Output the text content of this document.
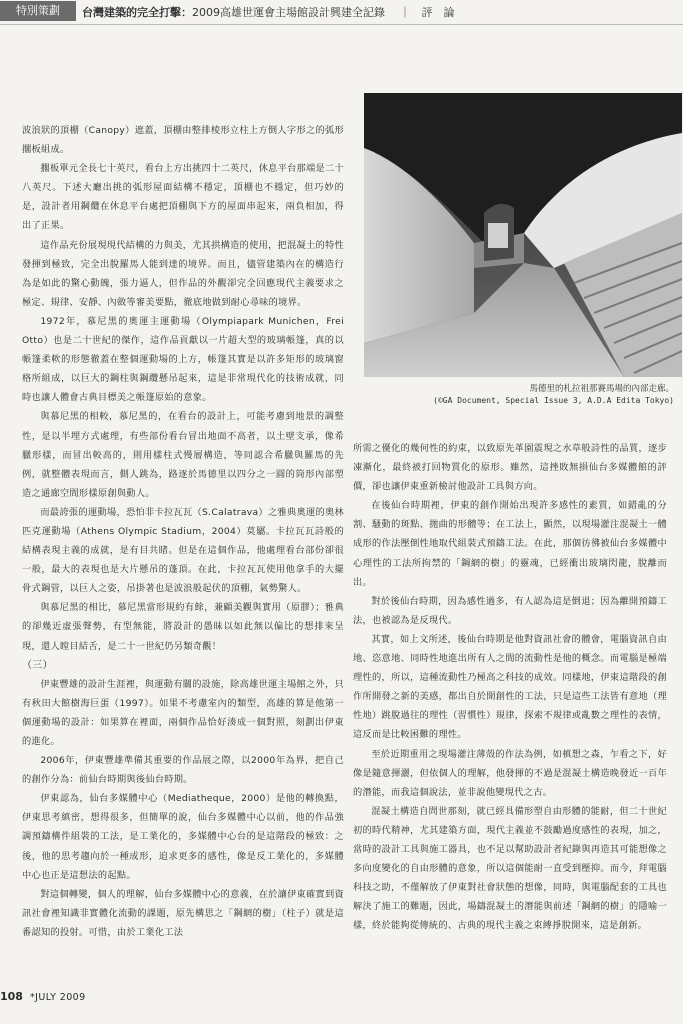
特別策劃	台灣建築的完全打擊：2009高雄世運會主場館設計興建全記錄 　｜　評　論
馬德里的札拉祖那賽馬場的內部走廊。
(©GA Document, Special Issue 3, A.D.A Edita Tokyo)

波浪狀的頂棚（Canopy）遮蓋，頂棚由整排棱形立柱上方倒人字形之的弧形擱板組成。

擱板單元全長七十英尺，看台上方出挑四十二英尺，休息平台那端是二十八英尺。下述大廳出挑的弧形屋面結構不穩定，頂棚也不穩定，但巧妙的是，設計者用鋼纜在休息平台處把頂棚與下方的屋面串起來，兩負相加，得出了正果。

這作品充份展現現代結構的力與美，尤其拱構造的使用，把混凝土的特性發揮到極致，完全出脫羅馬人能到達的境界。而且，儘管建築內在的構造行為是如此的驚心動魄，張力逼人，但作品的外觀卻完全回應現代主義要求之極定、規律、安靜、內斂等審美要點，徹底地做到耐心尋味的境界。

1972年，慕尼黑的奧運主運動場（Olympiapark Munichen，Frei Otto）也是二十世紀的傑作，這作品貢獻以一片超大型的玻璃帳篷，真的以帳篷柔軟的形態徹蓋在整個運動場的上方，帳篷其實是以許多矩形的玻璃窗格所組成，以巨大的鋼柱與鋼纜懸吊起來，這是非常現代化的技術成就，同時也讓人體會古典目標美之帳篷原始的意象。

與慕尼黑的相較，慕尼黑的，在看台的設計上，可能考慮到地景的調整性，是以半埋方式處理，有些部份看台冒出地面不高者，以土壁支承，像希臘形樣，而冒出較高的，則用樣柱式慢層構造，等同認合希臘與羅馬的先例，就整體表現而言，側人跳為，路逐於馬德里以四分之一圓的筒形內部塑造之通廊空間形樣原創與動人。

而最誇張的運動場，恐怕非卡拉瓦瓦（S.Calatrava）之雅典奧運的奧林匹克運動場（Athens Olympic Stadium，2004）莫屬。卡拉瓦瓦詩般的結構表現主義的成就，是有目共睹。但是在這個作品，他處理看台部份卻很一般，最大的表現也是大片懸吊的蓬頂。在此，卡拉瓦瓦使用他拿手的大擺骨式鋼管，以巨人之姿，吊掛著也是波浪般起伏的頂棚，氣勢驚人。

與慕尼黑的相比，慕尼黑當形規約有餘，兼顧美觀與實用（原膠）；雅典的卻幾近虛張聲勢，有型無能，將設計的愚昧以如此無以偏比的想排來呈現，還人瞠目結舌，是二十一世紀仍另類奇觀！

（三）

伊東豐雄的設計生涯裡，與運動有關的設施，除高雄世運主場館之外，只有秋田大館樹海巨蛋（1997）。如果不考慮室內的類型，高雄的算是他第一個運動場的設計：如果算在裡面，兩個作品恰好湊成一個對照，刻劃出伊東的進化。

2006年，伊東豐雄準備其重要的作品展之際，以2000年為界，把自己的創作分為：前仙台時期與後仙台時期。

伊東認為，仙台多媒體中心（Mediatheque，2000）是他的轉換點，伊東思考縝密，想得很多，但簡單的說，仙台多媒體中心以前，他的作品強調預鑄構件組裝的工法，是工業化的，多媒體中心台的是這階段的極致：之後，他的思考趨向於一種成形，追求更多的感性，像是反工業化的，多媒體中心也正是這想法的起點。

對這個轉變，個人的理解，仙台多媒體中心的意義，在於讓伊東確實到資訊社會裡知識非實體化流動的課題，原先構思之「鋼網的樹」（柱子）就是這番認知的投射。可惜，由於工業化工法

所需之優化的幾何性的約束，以致原先革園震現之水草般詩性的品質，逐步凍漸化，最終被打回物質化的原形。雖然，這挫敗無損仙台多媒體館的評價，卻也讓伊東重新檢討他設計工具與方向。

在後仙台時期裡，伊東的創作開始出現許多感性的素質，如錯亂的分割、騷動的斑點、拋曲的形體等；在工法上，顯然，以現場灌注混凝土一體成形的作法壓倒性地取代組裝式預鑄工法。在此，那個彷彿被仙台多媒體中心理性的工法所拘禁的「鋼網的樹」的靈魂，已經衝出玻璃閃龍，脫離而出。

對於後仙台時期，因為感性過多，有人認為這是倒退；因為離開預鑄工法，也被認為是反現代。

其實，如上文所述，後仙台時期是他對資訊社會的體會，電腦資訊自由地、恣意地、同時性地進出所有人之間的流動性是他的概念。而電腦是極端理性的，所以，這種流動性乃極高之科技的成效。同樣地，伊東這階段的創作所開發之新的美感，都出自於開創性的工法，只是這些工法皆有意地（理性地）跳脫過往的理性（習慣性）規律，探索不規律或亂數之理性的表情，這反而是比較困難的理性。

至於近期重用之現場灌注薄殼的作法為例，如槙想之森，乍看之下，好像是隨意揮灑，但依個人的理解，他發揮的不過是混凝土構造晚發近一百年的潛能，而我這個說法，並非說他變現代之古。

混凝土構造自問世那刻，就已經具備形塑自由形體的能耐，但二十世紀初的時代精神，尤其建築方面，現代主義並不鼓勵過度感性的表現，加之，當時的設計工具與施工器具，也不足以幫助設計者紀錄與再造其可能想像之多向度變化的自由形體的意象，所以這個能耐一直受到壓抑。而今，拜電腦科技之助，不僅解放了伊東對社會狀態的想像，同時，與電腦配套的工具也解決了施工的難題，因此，場鑄混凝土的潛能與前述「鋼網的樹」的隱喻一樣，終於能夠從傳統的、古典的現代主義之束縛掙脫開來，這是創新。

108 *JULY 2009
